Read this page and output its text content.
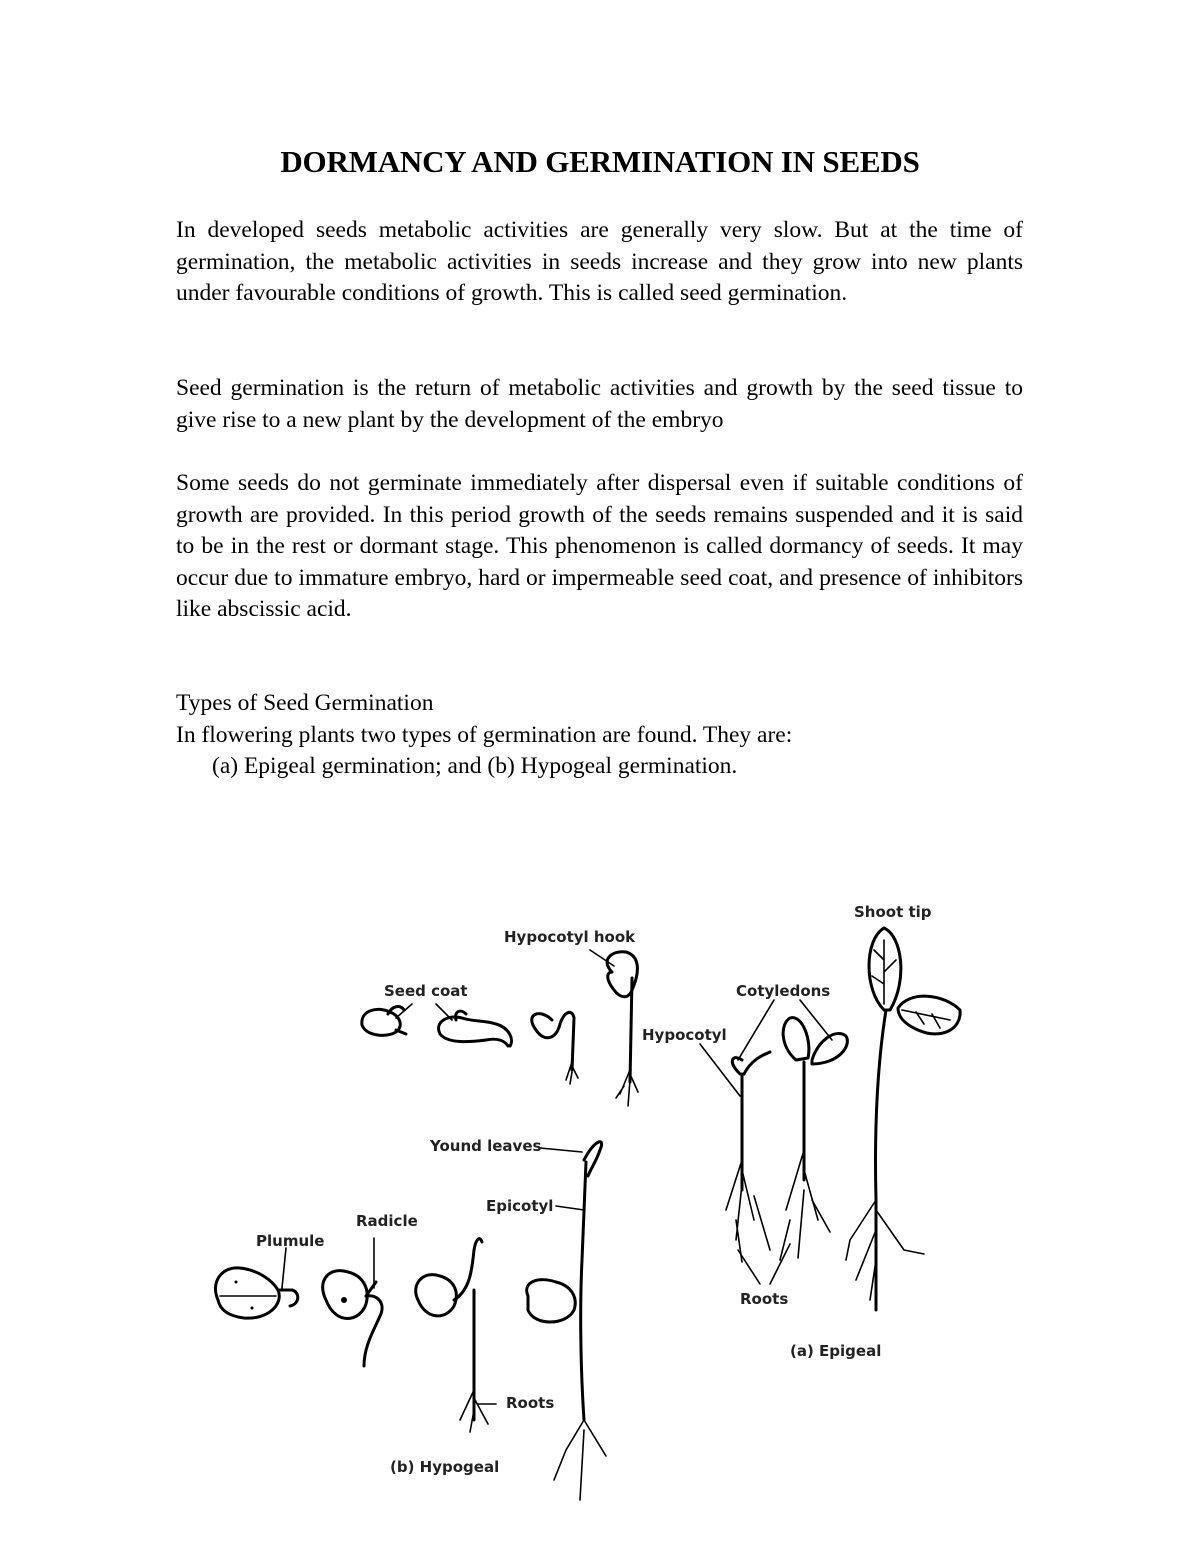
DORMANCY AND GERMINATION IN SEEDS

In developed seeds metabolic activities are generally very slow. But at the time of germination, the metabolic activities in seeds increase and they grow into new plants under favourable conditions of growth. This is called seed germination.

Seed germination is the return of metabolic activities and growth by the seed tissue to give rise to a new plant by the development of the embryo

Some seeds do not germinate immediately after dispersal even if suitable conditions of growth are provided. In this period growth of the seeds remains suspended and it is said to be in the rest or dormant stage. This phenomenon is called dormancy of seeds. It may occur due to immature embryo, hard or impermeable seed coat, and presence of inhibitors like abscissic acid.

Types of Seed Germination
In flowering plants two types of germination are found. They are:
(a) Epigeal germination; and (b) Hypogeal germination.
Shoot tip
Hypocotyl hook
Seed coat	Cotyledons
Hypocotyl
Yound leaves
Epicotyl
Radicle
Plumule
Roots
(a) Epigeal
Roots
(b) Hypogeal
